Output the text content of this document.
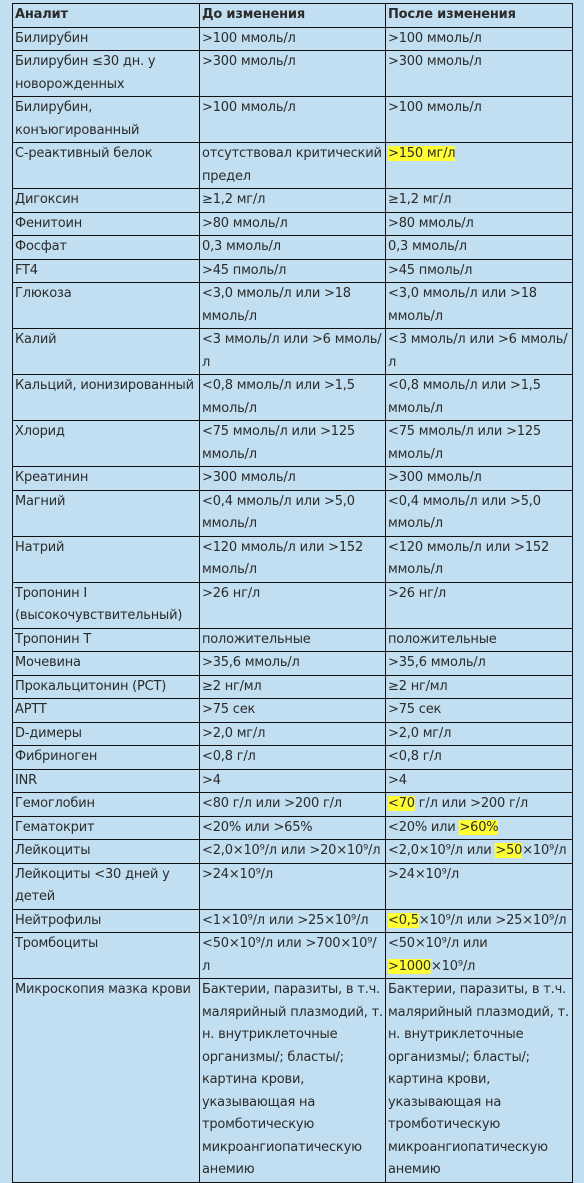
Аналит	До изменения	После изменения
Билирубин	>100 ммоль/л	>100 ммоль/л
Билирубин ≤30 дн. у новорожденных	>300 ммоль/л	>300 ммоль/л
Билирубин, конъюгированный	>100 ммоль/л	>100 ммоль/л
С-реактивный белок	отсутствовал критический предел	>150 мг/л
Дигоксин	≥1,2 мг/л	≥1,2 мг/л
Фенитоин	>80 ммоль/л	>80 ммоль/л
Фосфат	0,3 ммоль/л	0,3 ммоль/л
FT4	>45 пмоль/л	>45 пмоль/л
Глюкоза	<3,0 ммоль/л или >18 ммоль/л	<3,0 ммоль/л или >18 ммоль/л
Калий	<3 ммоль/л или >6 ммоль/л	<3 ммоль/л или >6 ммоль/л
Кальций, ионизированный	<0,8 ммоль/л или >1,5 ммоль/л	<0,8 ммоль/л или >1,5 ммоль/л
Хлорид	<75 ммоль/л или >125 ммоль/л	<75 ммоль/л или >125 ммоль/л
Креатинин	>300 ммоль/л	>300 ммоль/л
Магний	<0,4 ммоль/л или >5,0 ммоль/л	<0,4 ммоль/л или >5,0 ммоль/л
Натрий	<120 ммоль/л или >152 ммоль/л	<120 ммоль/л или >152 ммоль/л
Тропонин I (высокочувствительный)	>26 нг/л	>26 нг/л
Тропонин Т	положительные	положительные
Мочевина	>35,6 ммоль/л	>35,6 ммоль/л
Прокальцитонин (PCT)	≥2 нг/мл	≥2 нг/мл
APTT	>75 сек	>75 сек
D-димеры	>2,0 мг/л	>2,0 мг/л
Фибриноген	<0,8 г/л	<0,8 г/л
INR	>4	>4
Гемоглобин	<80 г/л или >200 г/л	<70 г/л или >200 г/л
Гематокрит	<20% или >65%	<20% или >60%
Лейкоциты	<2,0×10⁹/л или >20×10⁹/л	<2,0×10⁹/л или >50×10⁹/л
Лейкоциты <30 дней у детей	>24×10⁹/л	>24×10⁹/л
Нейтрофилы	<1×10⁹/л или >25×10⁹/л	<0,5×10⁹/л или >25×10⁹/л
Тромбоциты	<50×10⁹/л или >700×10⁹/л	<50×10⁹/л или >1000×10⁹/л
Микроскопия мазка крови	Бактерии, паразиты, в т.ч. малярийный плазмодий, т. н. внутриклеточные организмы/; бласты/; картина крови, указывающая на тромботическую микроангиопатическую анемию	Бактерии, паразиты, в т.ч. малярийный плазмодий, т. н. внутриклеточные организмы/; бласты/; картина крови, указывающая на тромботическую микроангиопатическую анемию
